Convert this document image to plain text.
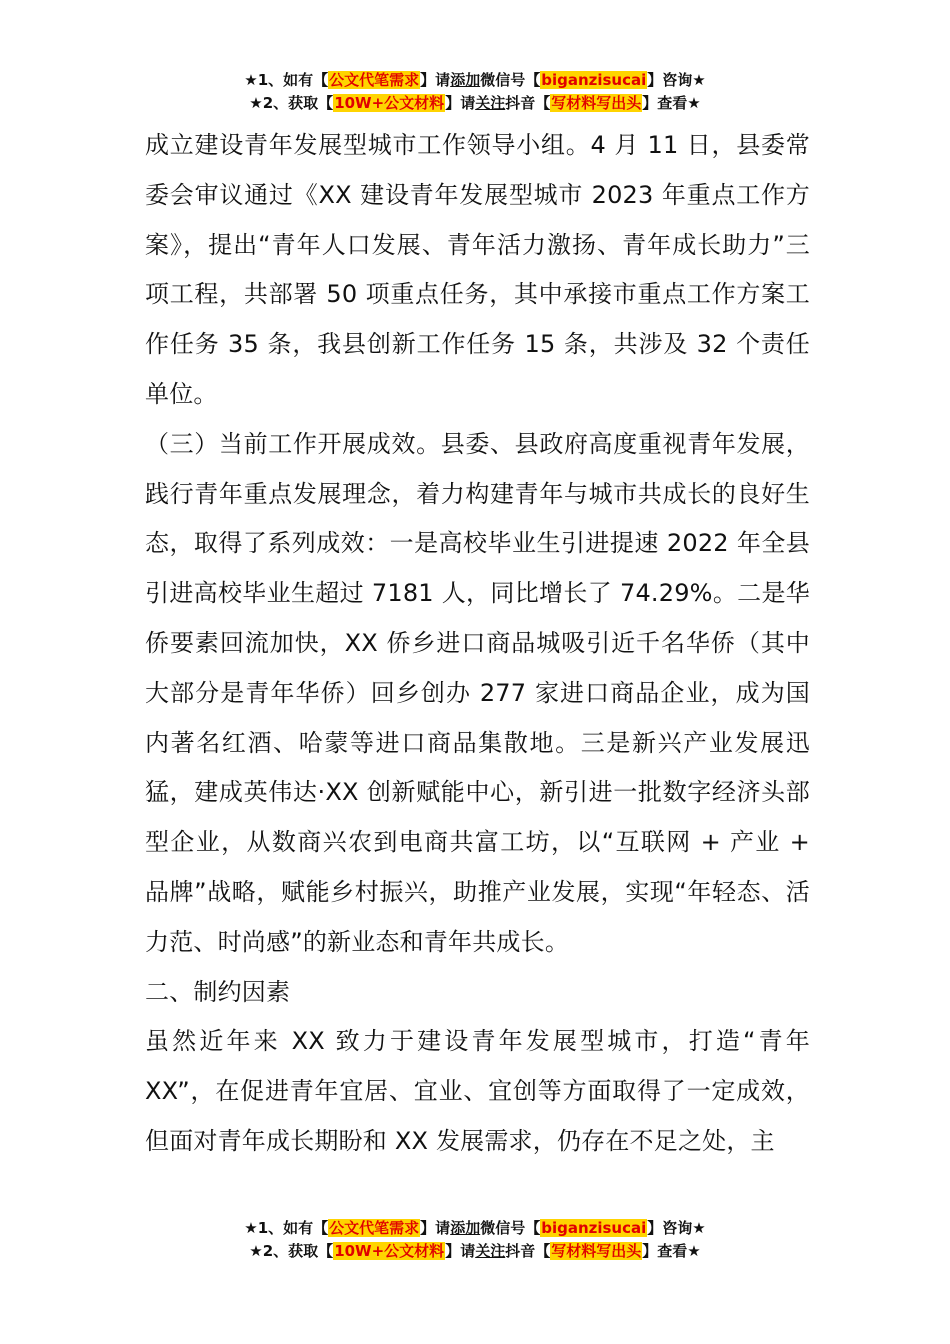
★1、如有【公文代笔需求】请添加微信号【biganzisucai】咨询★
★2、获取【10W+公文材料】请关注抖音【写材料写出头】查看★

成立建设青年发展型城市工作领导小组。4 月 11 日，县委常委会审议通过《XX 建设青年发展型城市 2023 年重点工作方案》，提出“青年人口发展、青年活力激扬、青年成长助力”三项工程，共部署 50 项重点任务，其中承接市重点工作方案工作任务 35 条，我县创新工作任务 15 条，共涉及 32 个责任单位。

（三）当前工作开展成效。县委、县政府高度重视青年发展，践行青年重点发展理念，着力构建青年与城市共成长的良好生态，取得了系列成效：一是高校毕业生引进提速 2022 年全县引进高校毕业生超过 7181 人，同比增长了 74.29%。二是华侨要素回流加快，XX 侨乡进口商品城吸引近千名华侨（其中大部分是青年华侨）回乡创办 277 家进口商品企业，成为国内著名红酒、哈蒙等进口商品集散地。三是新兴产业发展迅猛，建成英伟达·XX 创新赋能中心，新引进一批数字经济头部型企业，从数商兴农到电商共富工坊，以“互联网 + 产业 + 品牌”战略，赋能乡村振兴，助推产业发展，实现“年轻态、活力范、时尚感”的新业态和青年共成长。

二、制约因素

虽然近年来 XX 致力于建设青年发展型城市，打造“青年 XX”，在促进青年宜居、宜业、宜创等方面取得了一定成效，但面对青年成长期盼和 XX 发展需求，仍存在不足之处，主

★1、如有【公文代笔需求】请添加微信号【biganzisucai】咨询★
★2、获取【10W+公文材料】请关注抖音【写材料写出头】查看★
